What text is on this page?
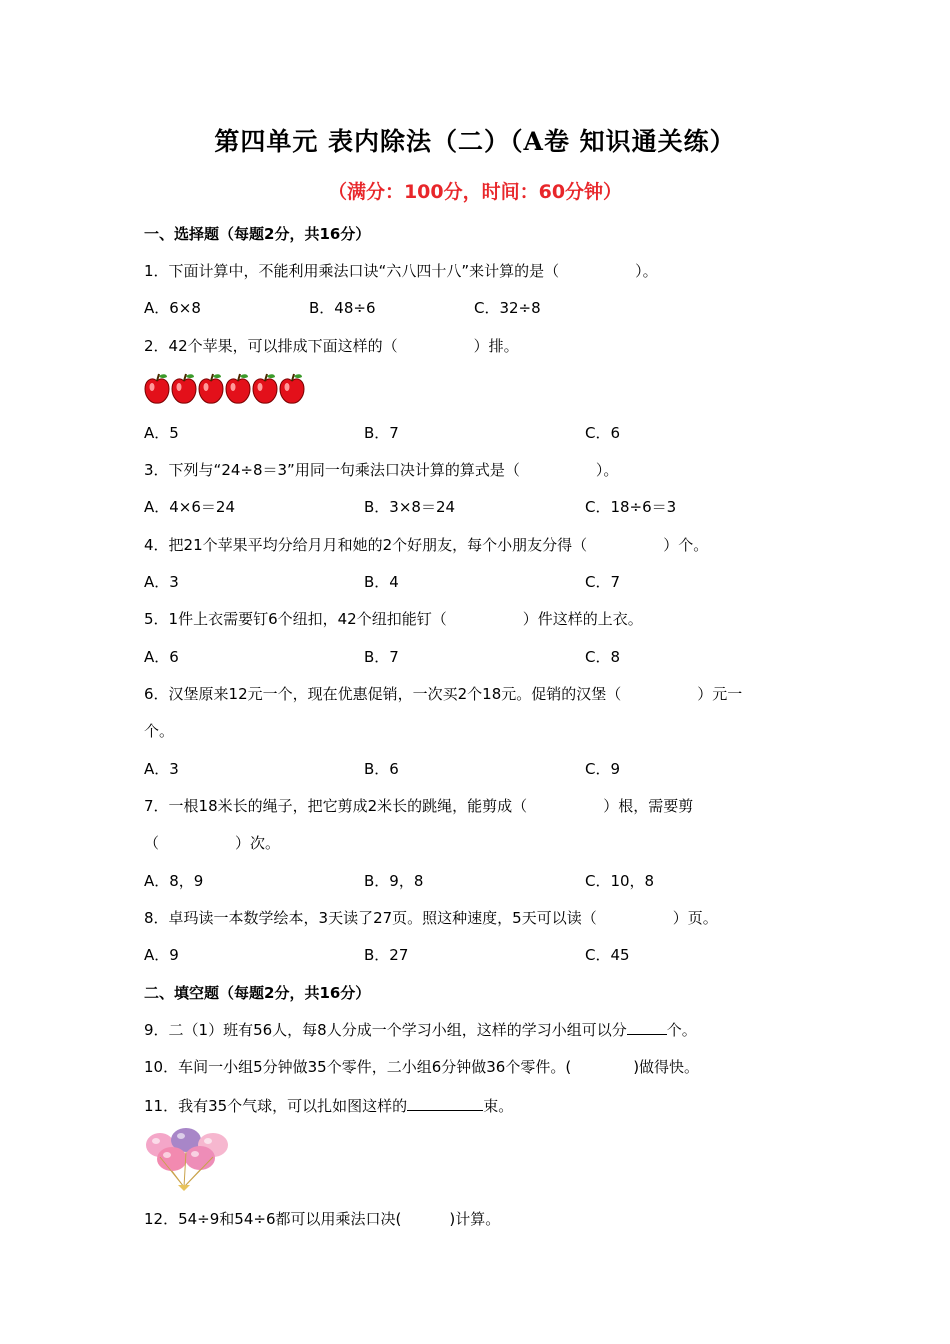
第四单元 表内除法（二）（A卷 知识通关练）
（满分：100分，时间：60分钟）
一、选择题（每题2分，共16分）
1．下面计算中，不能利用乘法口诀“六八四十八”来计算的是（	）。
A．6×8	B．48÷6	C．32÷8
2．42个苹果，可以排成下面这样的（	）排。
A．5	B．7	C．6
3．下列与“24÷8＝3”用同一句乘法口决计算的算式是（	）。
A．4×6＝24	B．3×8＝24	C．18÷6＝3
4．把21个苹果平均分给月月和她的2个好朋友，每个小朋友分得（	）个。
A．3	B．4	C．7
5．1件上衣需要钉6个纽扣，42个纽扣能钉（	）件这样的上衣。
A．6	B．7	C．8
6．汉堡原来12元一个，现在优惠促销，一次买2个18元。促销的汉堡（	）元一
个。
A．3	B．6	C．9
7．一根18米长的绳子，把它剪成2米长的跳绳，能剪成（	）根，需要剪
（	）次。
A．8，9	B．9，8	C．10，8
8．卓玛读一本数学绘本，3天读了27页。照这种速度，5天可以读（	）页。
A．9	B．27	C．45
二、填空题（每题2分，共16分）
9．二（1）班有56人，每8人分成一个学习小组，这样的学习小组可以分	个。
10．车间一小组5分钟做35个零件，二小组6分钟做36个零件。(	)做得快。
11．我有35个气球，可以扎如图这样的	束。
12．54÷9和54÷6都可以用乘法口决(	)计算。
